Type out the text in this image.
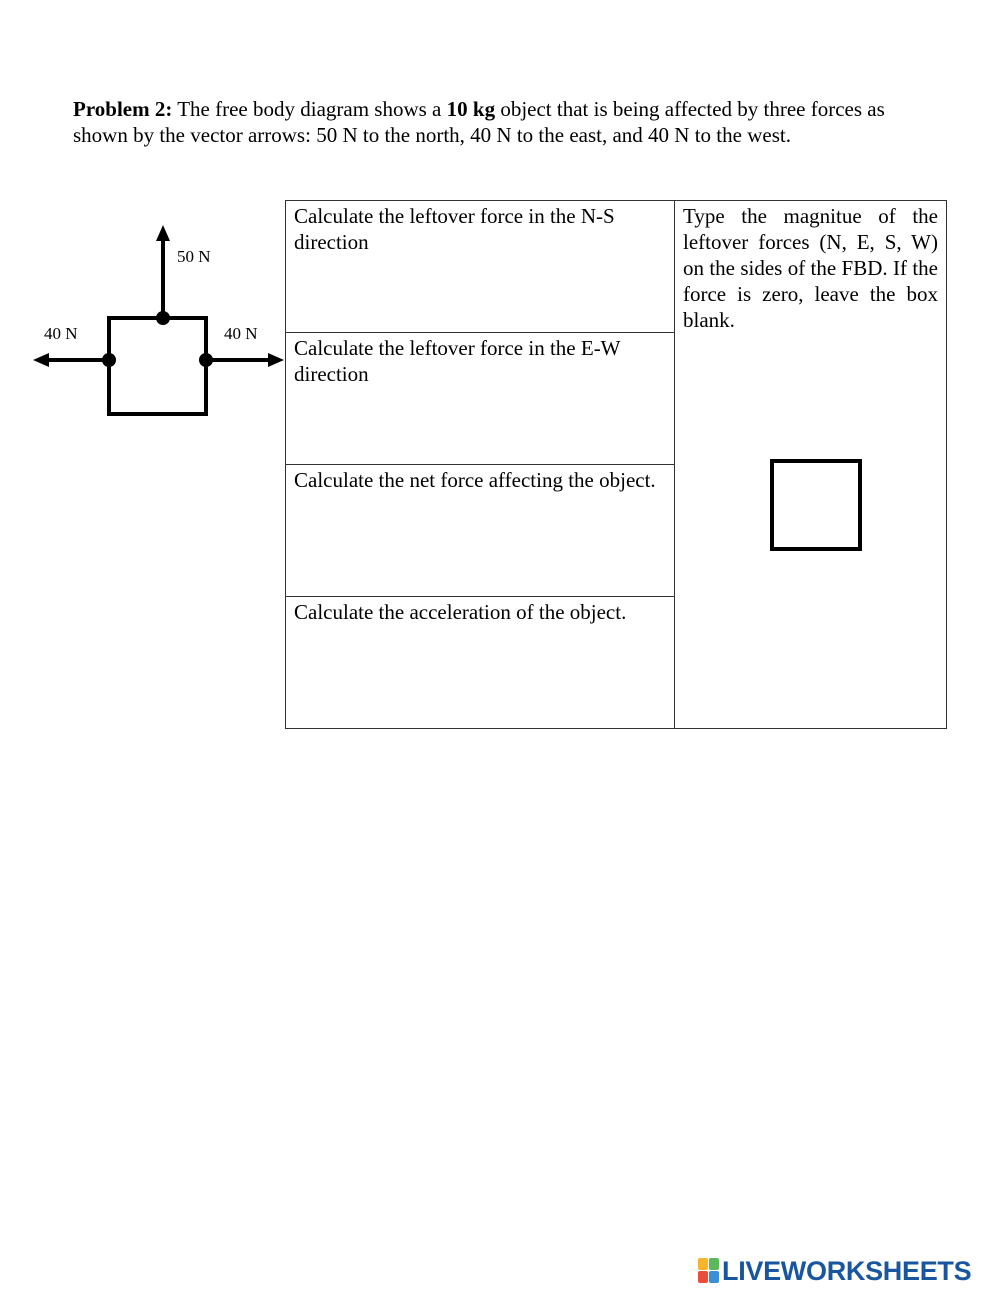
Problem 2: The free body diagram shows a 10 kg object that is being affected by three forces as shown by the vector arrows: 50 N to the north, 40 N to the east, and 40 N to the west.
50 N
40 N	40 N
Calculate the leftover force in the N-S direction	Type the magnitue of the leftover forces (N, E, S, W) on the sides of the FBD. If the force is zero, leave the box blank.

Calculate the leftover force in the E-W direction
Calculate the net force affecting the object.
Calculate the acceleration of the object.
LIVEWORKSHEETS
